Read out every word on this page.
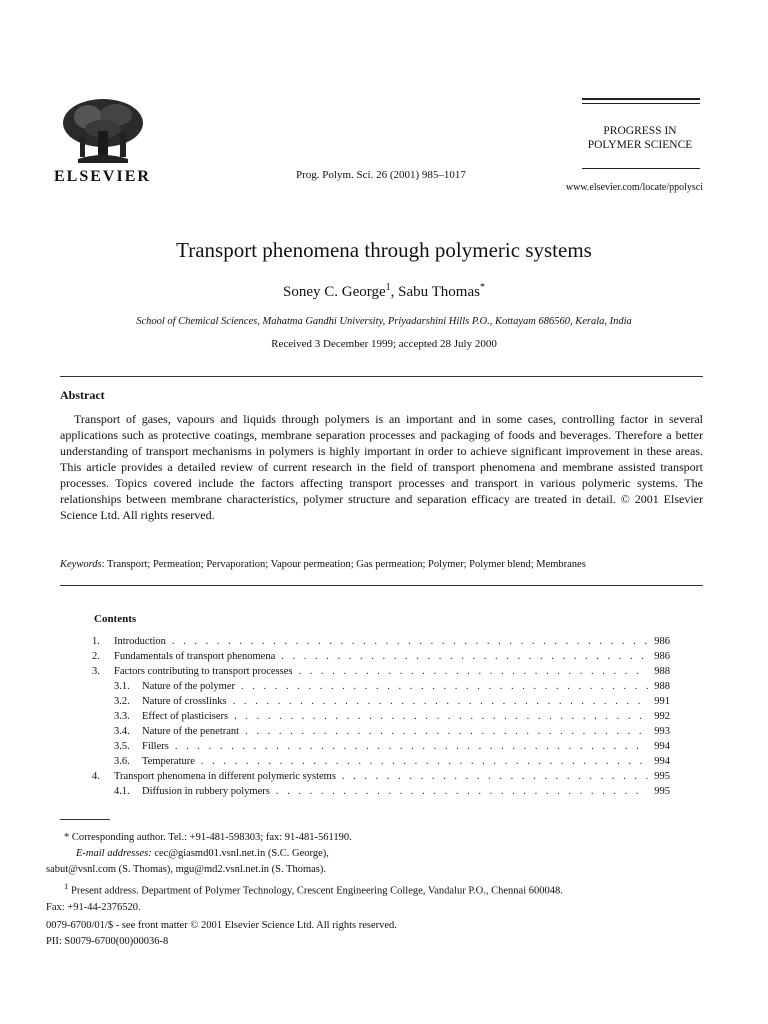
ELSEVIER	Prog. Polym. Sci. 26 (2001) 985–1017
PROGRESS IN
POLYMER SCIENCE
www.elsevier.com/locate/ppolysci
Transport phenomena through polymeric systems
Soney C. George$^1$, Sabu Thomas*
School of Chemical Sciences, Mahatma Gandhi University, Priyadarshini Hills P.O., Kottayam 686560, Kerala, India
Received 3 December 1999; accepted 28 July 2000
Abstract
Transport of gases, vapours and liquids through polymers is an important and in some cases, controlling factor in several applications such as protective coatings, membrane separation processes and packaging of foods and beverages. Therefore a better understanding of transport mechanisms in polymers is highly important in order to achieve significant improvement in these areas. This article provides a detailed review of current research in the field of transport phenomena and membrane assisted transport processes. Topics covered include the factors affecting transport processes and transport in various polymeric systems. The relationships between membrane characteristics, polymer structure and separation efficacy are treated in detail. © 2001 Elsevier Science Ltd. All rights reserved.
Keywords: Transport; Permeation; Pervaporation; Vapour permeation; Gas permeation; Polymer; Polymer blend; Membranes
Contents
1.	Introduction . . .	986
2.	Fundamentals of transport phenomena . . .	986
3.	Factors contributing to transport processes . . .	988
3.1.	Nature of the polymer . . .	988
3.2.	Nature of crosslinks . . .	991
3.3.	Effect of plasticisers . . .	992
3.4.	Nature of the penetrant . . .	993
3.5.	Fillers . . .	994
3.6.	Temperature . . .	994
4.	Transport phenomena in different polymeric systems . . .	995
4.1.	Diffusion in rubbery polymers . . .	995
* Corresponding author. Tel.: +91-481-598303; fax: 91-481-561190.
E-mail addresses: cec@giasmd01.vsnl.net.in (S.C. George),
sabut@vsnl.com (S. Thomas), mgu@md2.vsnl.net.in (S. Thomas).
$^1$ Present address. Department of Polymer Technology, Crescent Engineering College, Vandalur P.O., Chennai 600048.
Fax: +91-44-2376520.
0079-6700/01/$ - see front matter © 2001 Elsevier Science Ltd. All rights reserved.
PII: S0079-6700(00)00036-8
